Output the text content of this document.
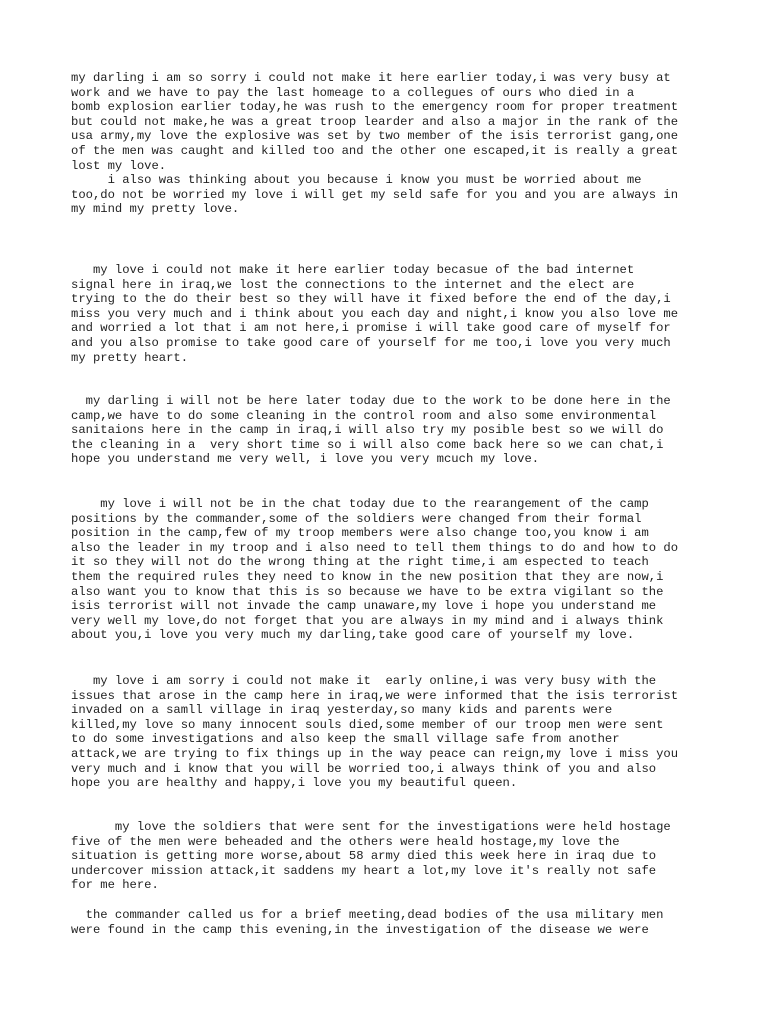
my darling i am so sorry i could not make it here earlier today,i was very busy at
work and we have to pay the last homeage to a collegues of ours who died in a
bomb explosion earlier today,he was rush to the emergency room for proper treatment
but could not make,he was a great troop learder and also a major in the rank of the
usa army,my love the explosive was set by two member of the isis terrorist gang,one
of the men was caught and killed too and the other one escaped,it is really a great
lost my love.
i also was thinking about you because i know you must be worried about me
too,do not be worried my love i will get my seld safe for you and you are always in
my mind my pretty love.

my love i could not make it here earlier today becasue of the bad internet
signal here in iraq,we lost the connections to the internet and the elect are
trying to the do their best so they will have it fixed before the end of the day,i
miss you very much and i think about you each day and night,i know you also love me
and worried a lot that i am not here,i promise i will take good care of myself for
and you also promise to take good care of yourself for me too,i love you very much
my pretty heart.

my darling i will not be here later today due to the work to be done here in the
camp,we have to do some cleaning in the control room and also some environmental
sanitaions here in the camp in iraq,i will also try my posible best so we will do
the cleaning in a  very short time so i will also come back here so we can chat,i
hope you understand me very well, i love you very mcuch my love.

my love i will not be in the chat today due to the rearangement of the camp
positions by the commander,some of the soldiers were changed from their formal
position in the camp,few of my troop members were also change too,you know i am
also the leader in my troop and i also need to tell them things to do and how to do
it so they will not do the wrong thing at the right time,i am espected to teach
them the required rules they need to know in the new position that they are now,i
also want you to know that this is so because we have to be extra vigilant so the
isis terrorist will not invade the camp unaware,my love i hope you understand me
very well my love,do not forget that you are always in my mind and i always think
about you,i love you very much my darling,take good care of yourself my love.

my love i am sorry i could not make it  early online,i was very busy with the
issues that arose in the camp here in iraq,we were informed that the isis terrorist
invaded on a samll village in iraq yesterday,so many kids and parents were
killed,my love so many innocent souls died,some member of our troop men were sent
to do some investigations and also keep the small village safe from another
attack,we are trying to fix things up in the way peace can reign,my love i miss you
very much and i know that you will be worried too,i always think of you and also
hope you are healthy and happy,i love you my beautiful queen.

my love the soldiers that were sent for the investigations were held hostage
five of the men were beheaded and the others were heald hostage,my love the
situation is getting more worse,about 58 army died this week here in iraq due to
undercover mission attack,it saddens my heart a lot,my love it's really not safe
for me here.

the commander called us for a brief meeting,dead bodies of the usa military men
were found in the camp this evening,in the investigation of the disease we were
